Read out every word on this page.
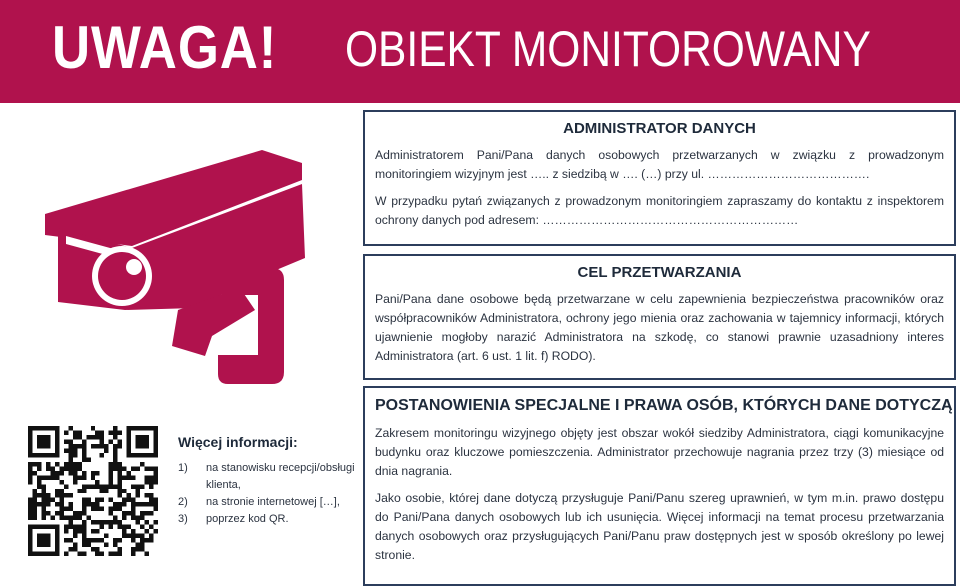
UWAGA! OBIEKT MONITOROWANY
ADMINISTRATOR DANYCH

Administratorem Pani/Pana danych osobowych przetwarzanych w związku z prowadzonym monitoringiem wizyjnym jest ….. z siedzibą w …. (…) przy ul. ………………………………….

W przypadku pytań związanych z prowadzonym monitoringiem zapraszamy do kontaktu z inspektorem ochrony danych pod adresem: ………………………………………………………

CEL PRZETWARZANIA

Pani/Pana dane osobowe będą przetwarzane w celu zapewnienia bezpieczeństwa pracowników oraz współpracowników Administratora, ochrony jego mienia oraz zachowania w tajemnicy informacji, których ujawnienie mogłoby narazić Administratora na szkodę, co stanowi prawnie uzasadniony interes Administratora (art. 6 ust. 1 lit. f) RODO).

POSTANOWIENIA SPECJALNE I PRAWA OSÓB, KTÓRYCH DANE DOTYCZĄ

Zakresem monitoringu wizyjnego objęty jest obszar wokół siedziby Administratora, ciągi komunikacyjne budynku oraz kluczowe pomieszczenia. Administrator przechowuje nagrania przez trzy (3) miesiące od dnia nagrania.

Jako osobie, której dane dotyczą przysługuje Pani/Panu szereg uprawnień, w tym m.in. prawo dostępu do Pani/Pana danych osobowych lub ich usunięcia. Więcej informacji na temat procesu przetwarzania danych osobowych oraz przysługujących Pani/Panu praw dostępnych jest w sposób określony po lewej stronie.

Więcej informacji:
1)	na stanowisku recepcji/obsługi klienta,
2)	na stronie internetowej […],
3)	poprzez kod QR.
